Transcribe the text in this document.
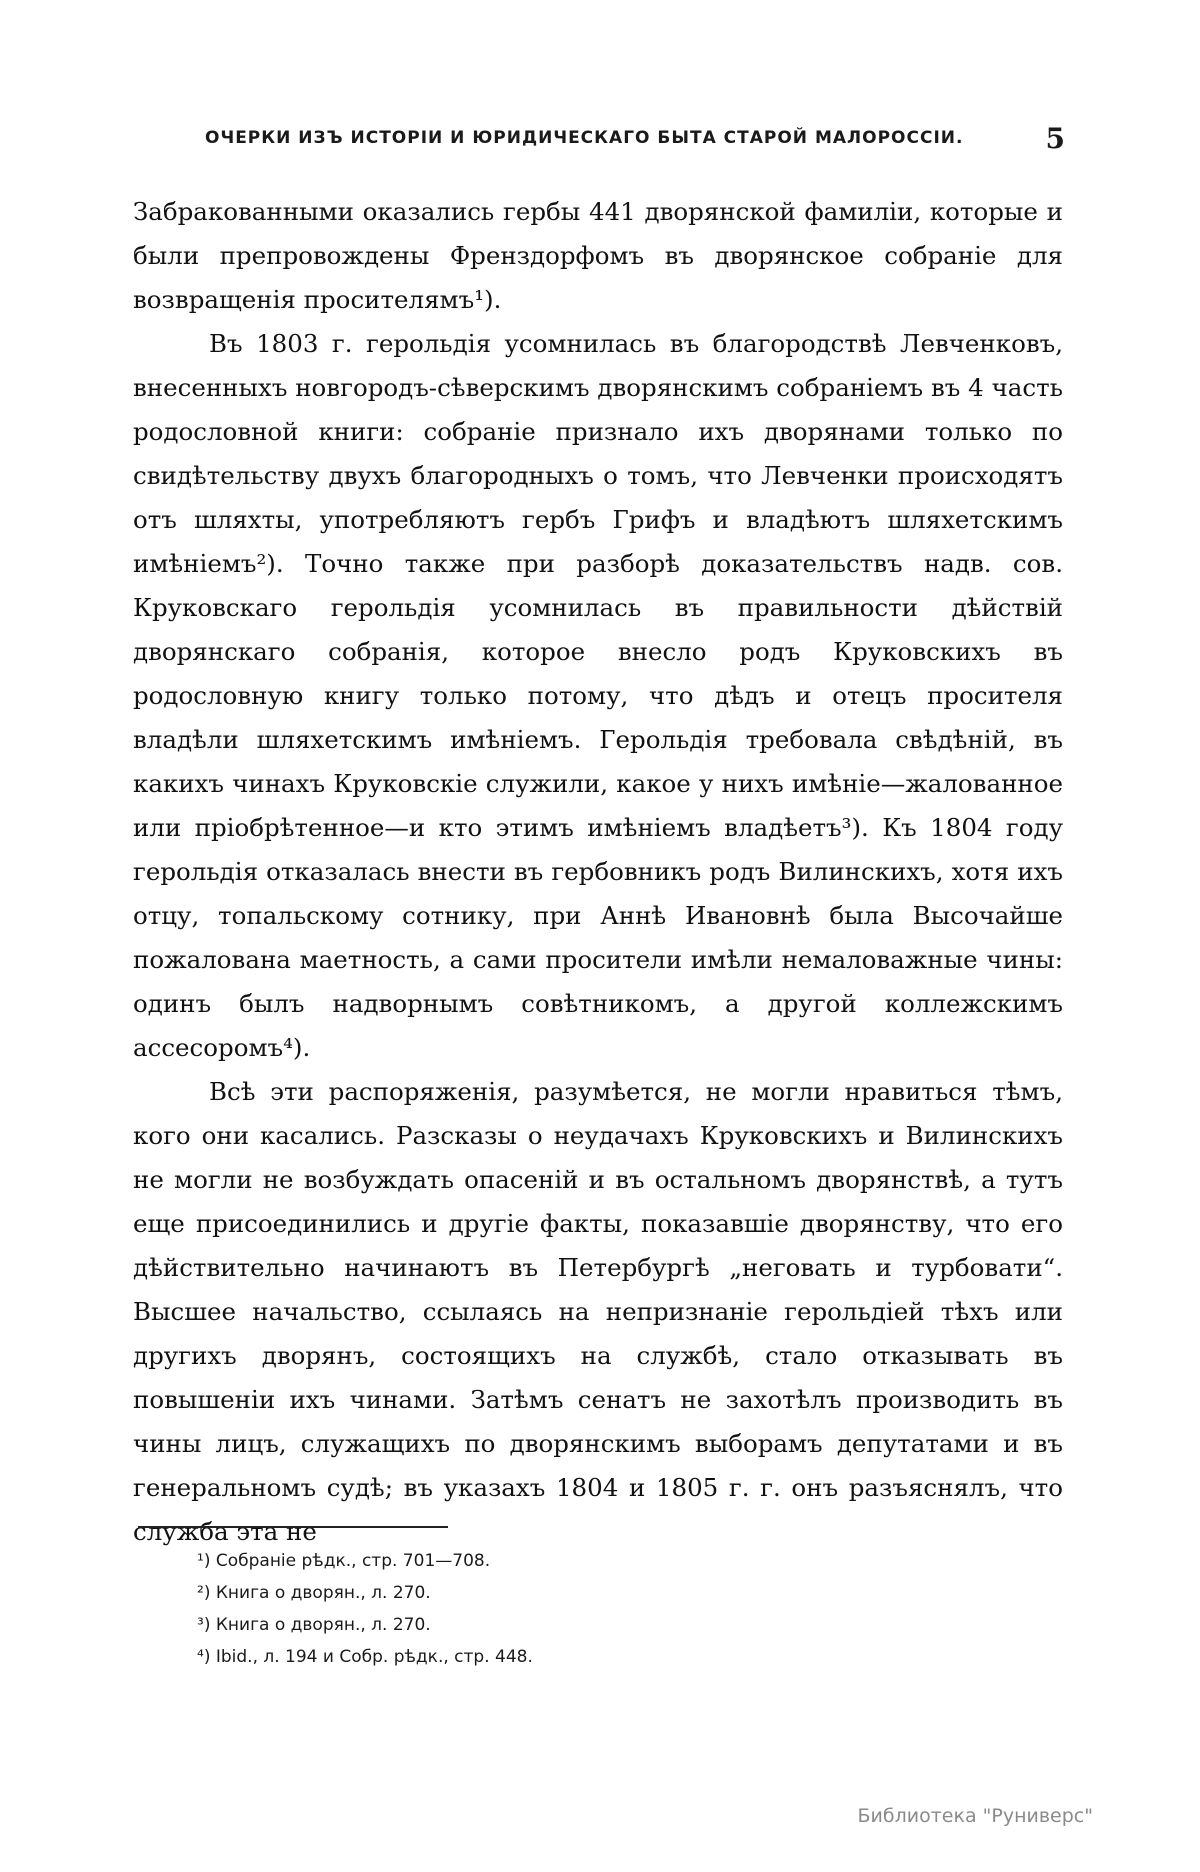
ОЧЕРКИ ИЗЪ ИСТОРІИ И ЮРИДИЧЕСКАГО БЫТА СТАРОЙ МАЛОРОССІИ.	5

Забракованными оказались гербы 441 дворянской фамиліи, которые и были препровождены Френздорфомъ въ дворянское собраніе для возвращенія просителямъ¹).

Въ 1803 г. герольдія усомнилась въ благородствѣ Левченковъ, внесенныхъ новгородъ-сѣверскимъ дворянскимъ собраніемъ въ 4 часть родословной книги: собраніе признало ихъ дворянами только по свидѣтельству двухъ благородныхъ о томъ, что Левченки происходятъ отъ шляхты, употребляютъ гербъ Грифъ и владѣютъ шляхетскимъ имѣніемъ²). Точно также при разборѣ доказательствъ надв. сов. Круковскаго герольдія усомнилась въ правильности дѣйствій дворянскаго собранія, которое внесло родъ Круковскихъ въ родословную книгу только потому, что дѣдъ и отецъ просителя владѣли шляхетскимъ имѣніемъ. Герольдія требовала свѣдѣній, въ какихъ чинахъ Круковскіе служили, какое у нихъ имѣніе—жалованное или пріобрѣтенное—и кто этимъ имѣніемъ владѣетъ³). Къ 1804 году герольдія отказалась внести въ гербовникъ родъ Вилинскихъ, хотя ихъ отцу, топальскому сотнику, при Аннѣ Ивановнѣ была Высочайше пожалована маетность, а сами просители имѣли немаловажные чины: одинъ былъ надворнымъ совѣтникомъ, а другой коллежскимъ ассесоромъ⁴).

Всѣ эти распоряженія, разумѣется, не могли нравиться тѣмъ, кого они касались. Разсказы о неудачахъ Круковскихъ и Вилинскихъ не могли не возбуждать опасеній и въ остальномъ дворянствѣ, а тутъ еще присоединились и другіе факты, показавшіе дворянству, что его дѣйствительно начинаютъ въ Петербургѣ „неговать и турбовати“. Высшее начальство, ссылаясь на непризнаніе герольдіей тѣхъ или другихъ дворянъ, состоящихъ на службѣ, стало отказывать въ повышеніи ихъ чинами. Затѣмъ сенатъ не захотѣлъ производить въ чины лицъ, служащихъ по дворянскимъ выборамъ депутатами и въ генеральномъ судѣ; въ указахъ 1804 и 1805 г. г. онъ разъяснялъ, что служба эта не

¹) Собраніе рѣдк., стр. 701—708.
²) Книга о дворян., л. 270.
³) Книга о дворян., л. 270.
⁴) Ibid., л. 194 и Собр. рѣдк., стр. 448.
Библиотека "Руниверс"
